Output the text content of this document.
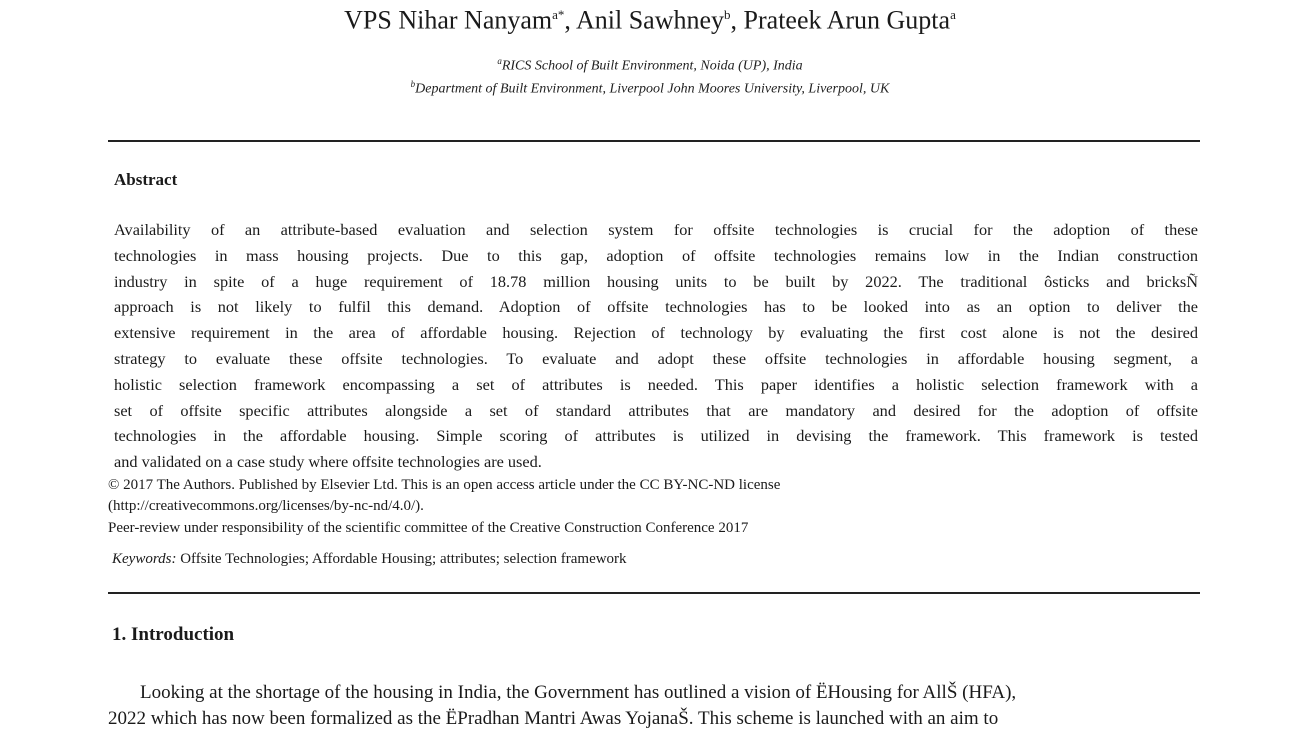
VPS Nihar Nanyam$^{a*}$, Anil Sawhney$^b$, Prateek Arun Gupta$^a$
$^a$RICS School of Built Environment, Noida (UP), India
$^b$Department of Built Environment, Liverpool John Moores University, Liverpool, UK
Abstract
Availability of an attribute-based evaluation and selection system for offsite technologies is crucial for the adoption of these
technologies in mass housing projects. Due to this gap, adoption of offsite technologies remains low in the Indian construction
industry in spite of a huge requirement of 18.78 million housing units to be built by 2022. The traditional ôsticks and bricksÑ
approach is not likely to fulfil this demand. Adoption of offsite technologies has to be looked into as an option to deliver the
extensive requirement in the area of affordable housing. Rejection of technology by evaluating the first cost alone is not the desired
strategy to evaluate these offsite technologies. To evaluate and adopt these offsite technologies in affordable housing segment, a
holistic selection framework encompassing a set of attributes is needed. This paper identifies a holistic selection framework with a
set of offsite specific attributes alongside a set of standard attributes that are mandatory and desired for the adoption of offsite
technologies in the affordable housing. Simple scoring of attributes is utilized in devising the framework. This framework is tested
and validated on a case study where offsite technologies are used.
© 2017 The Authors. Published by Elsevier Ltd. This is an open access article under the CC BY-NC-ND license
(http://creativecommons.org/licenses/by-nc-nd/4.0/).
Peer-review under responsibility of the scientific committee of the Creative Construction Conference 2017
Keywords: Offsite Technologies; Affordable Housing; attributes; selection framework
1. Introduction
Looking at the shortage of the housing in India, the Government has outlined a vision of ËHousing for AllŠ (HFA),
2022 which has now been formalized as the ËPradhan Mantri Awas YojanaŠ. This scheme is launched with an aim to
